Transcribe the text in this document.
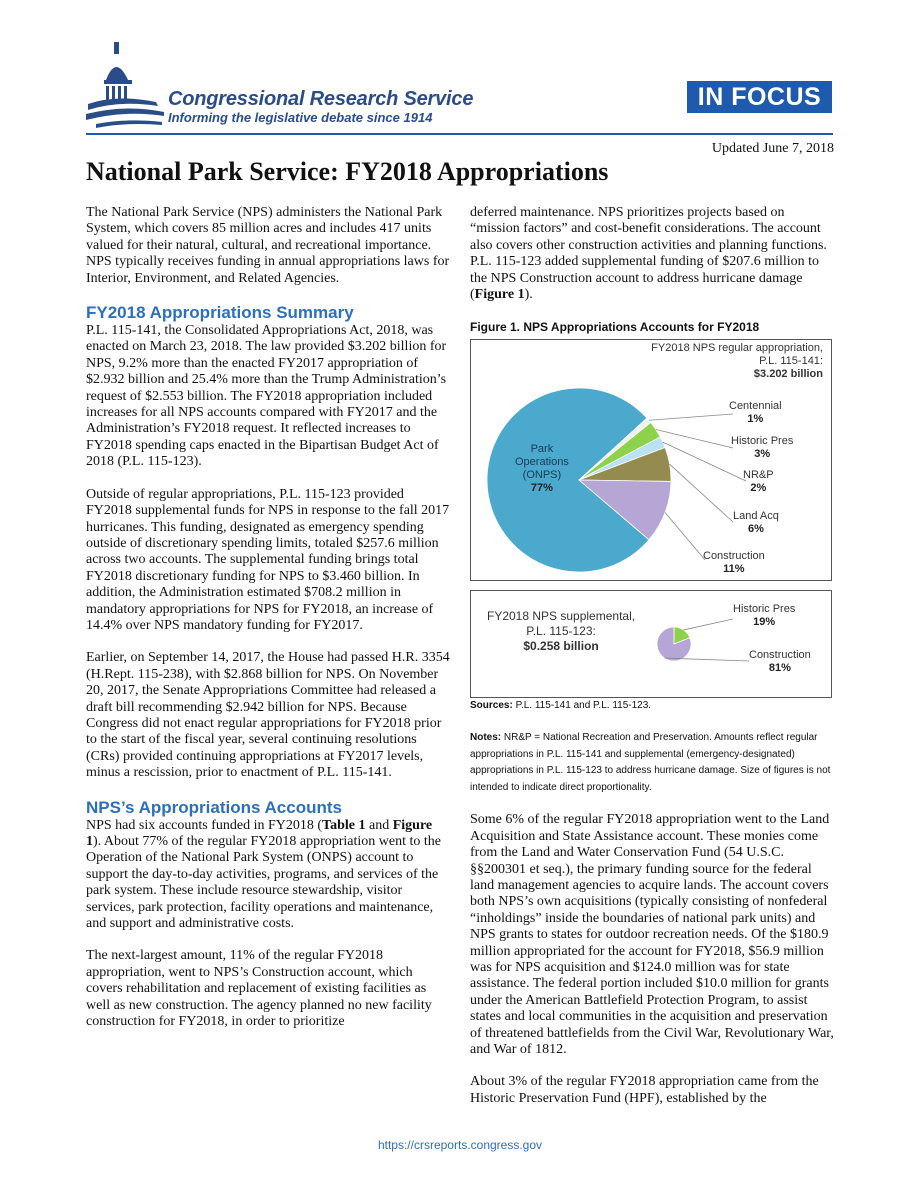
Congressional Research Service
Informing the legislative debate since 1914
IN FOCUS
Updated June 7, 2018
National Park Service: FY2018 Appropriations

The National Park Service (NPS) administers the National Park System, which covers 85 million acres and includes 417 units valued for their natural, cultural, and recreational importance. NPS typically receives funding in annual appropriations laws for Interior, Environment, and Related Agencies.

FY2018 Appropriations Summary

P.L. 115-141, the Consolidated Appropriations Act, 2018, was enacted on March 23, 2018. The law provided $3.202 billion for NPS, 9.2% more than the enacted FY2017 appropriation of $2.932 billion and 25.4% more than the Trump Administration’s request of $2.553 billion. The FY2018 appropriation included increases for all NPS accounts compared with FY2017 and the Administration’s FY2018 request. It reflected increases to FY2018 spending caps enacted in the Bipartisan Budget Act of 2018 (P.L. 115-123).

Outside of regular appropriations, P.L. 115-123 provided FY2018 supplemental funds for NPS in response to the fall 2017 hurricanes. This funding, designated as emergency spending outside of discretionary spending limits, totaled $257.6 million across two accounts. The supplemental funding brings total FY2018 discretionary funding for NPS to $3.460 billion. In addition, the Administration estimated $708.2 million in mandatory appropriations for NPS for FY2018, an increase of 14.4% over NPS mandatory funding for FY2017.

Earlier, on September 14, 2017, the House had passed H.R. 3354 (H.Rept. 115-238), with $2.868 billion for NPS. On November 20, 2017, the Senate Appropriations Committee had released a draft bill recommending $2.942 billion for NPS. Because Congress did not enact regular appropriations for FY2018 prior to the start of the fiscal year, several continuing resolutions (CRs) provided continuing appropriations at FY2017 levels, minus a rescission, prior to enactment of P.L. 115-141.

NPS’s Appropriations Accounts

NPS had six accounts funded in FY2018 (Table 1 and Figure 1). About 77% of the regular FY2018 appropriation went to the Operation of the National Park System (ONPS) account to support the day-to-day activities, programs, and services of the park system. These include resource stewardship, visitor services, park protection, facility operations and maintenance, and support and administrative costs.

The next-largest amount, 11% of the regular FY2018 appropriation, went to NPS’s Construction account, which covers rehabilitation and replacement of existing facilities as well as new construction. The agency planned no new facility construction for FY2018, in order to prioritize

deferred maintenance. NPS prioritizes projects based on “mission factors” and cost-benefit considerations. The account also covers other construction activities and planning functions. P.L. 115-123 added supplemental funding of $207.6 million to the NPS Construction account to address hurricane damage (Figure 1).

Figure 1. NPS Appropriations Accounts for FY2018
FY2018 NPS regular appropriation,
P.L. 115-141:
$3.202 billion
Park
Operations
(ONPS)
77%
Centennial
1%
Historic Pres
3%
NR&P
2%
Land Acq
6%
Construction
11%
FY2018 NPS supplemental,
P.L. 115-123:
$0.258 billion
Historic Pres
19%
Construction
81%

Sources: P.L. 115-141 and P.L. 115-123.

Notes: NR&P = National Recreation and Preservation. Amounts reflect regular appropriations in P.L. 115-141 and supplemental (emergency-designated) appropriations in P.L. 115-123 to address hurricane damage. Size of figures is not intended to indicate direct proportionality.

Some 6% of the regular FY2018 appropriation went to the Land Acquisition and State Assistance account. These monies come from the Land and Water Conservation Fund (54 U.S.C. §§200301 et seq.), the primary funding source for the federal land management agencies to acquire lands. The account covers both NPS’s own acquisitions (typically consisting of nonfederal “inholdings” inside the boundaries of national park units) and NPS grants to states for outdoor recreation needs. Of the $180.9 million appropriated for the account for FY2018, $56.9 million was for NPS acquisition and $124.0 million was for state assistance. The federal portion included $10.0 million for grants under the American Battlefield Protection Program, to assist states and local communities in the acquisition and preservation of threatened battlefields from the Civil War, Revolutionary War, and War of 1812.

About 3% of the regular FY2018 appropriation came from the Historic Preservation Fund (HPF), established by the

https://crsreports.congress.gov
